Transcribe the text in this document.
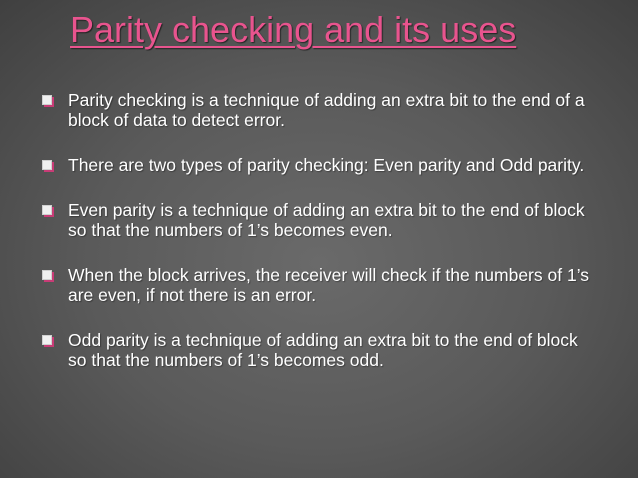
Parity checking and its uses
Parity checking is a technique of adding an extra bit to the end of a block of data to detect error.
There are two types of parity checking: Even parity and Odd parity.
Even parity is a technique of adding an extra bit to the end of block so that the numbers of 1’s becomes even.
When the block arrives, the receiver will check if the numbers of 1’s are even, if not there is an error.
Odd parity is a technique of adding an extra bit to the end of block so that the numbers of 1’s becomes odd.
